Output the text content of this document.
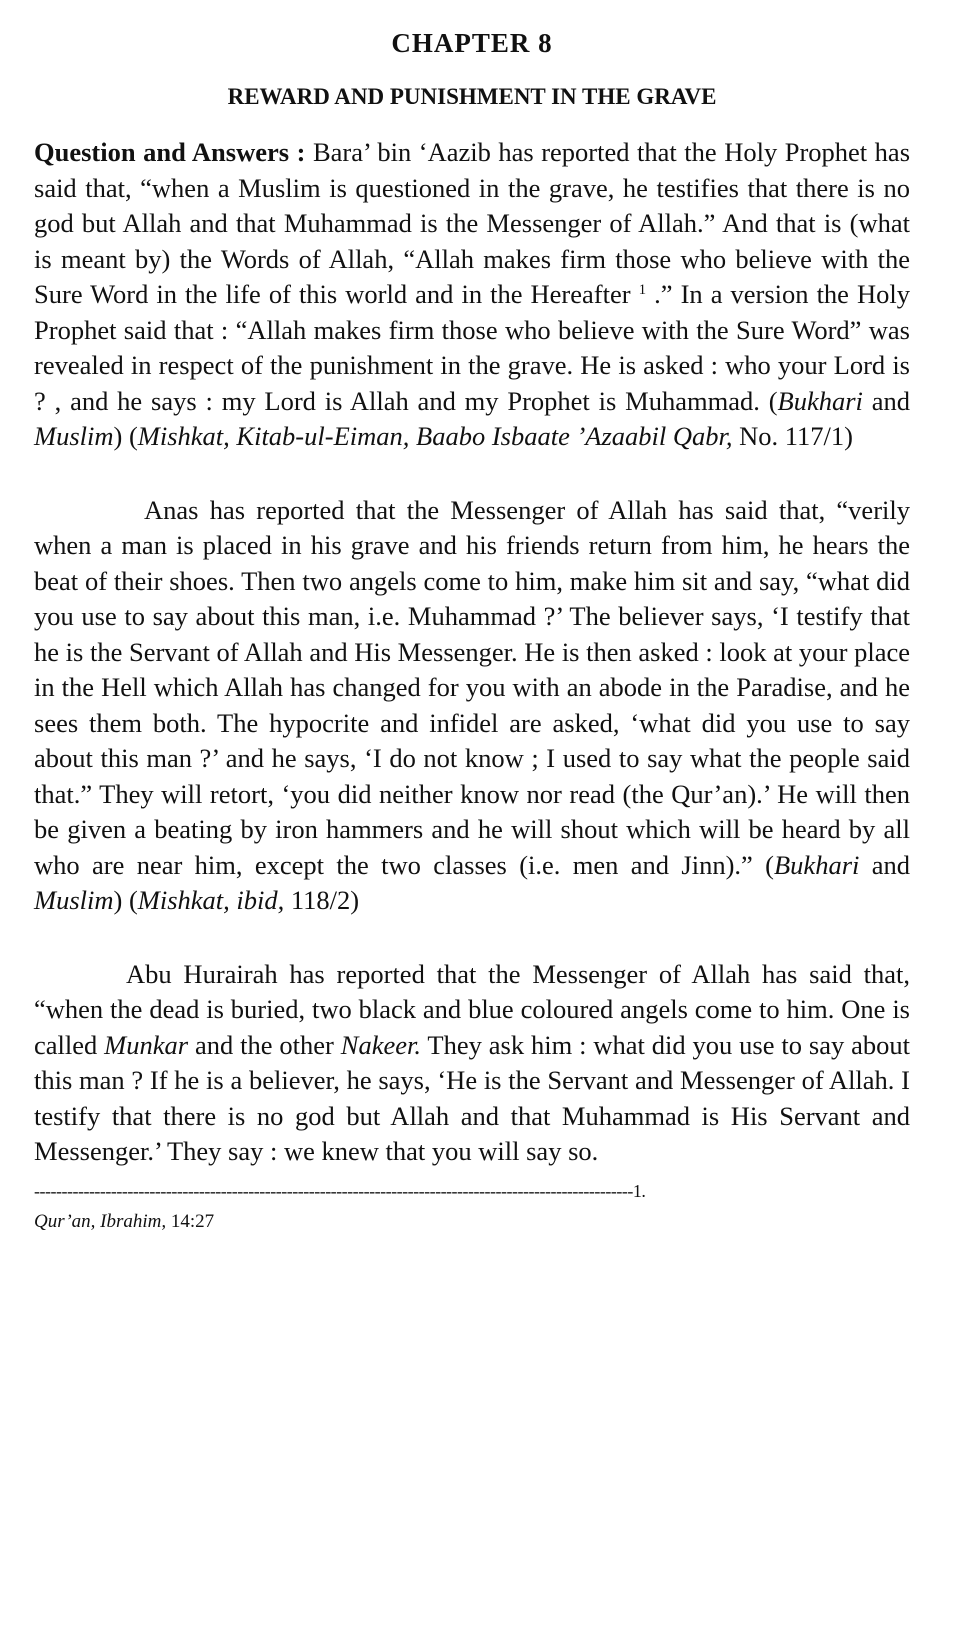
CHAPTER 8
REWARD AND PUNISHMENT IN THE GRAVE

Question and Answers : Bara’ bin ‘Aazib has reported that the Holy Prophet has said that, “when a Muslim is questioned in the grave, he testifies that there is no god but Allah and that Muhammad is the Messenger of Allah.” And that is (what is meant by) the Words of Allah, “Allah makes firm those who believe with the Sure Word in the life of this world and in the Hereafter $^1$ .” In a version the Holy Prophet said that : “Allah makes firm those who believe with the Sure Word” was revealed in respect of the punishment in the grave. He is asked : who your Lord is ? , and he says : my Lord is Allah and my Prophet is Muhammad. (Bukhari and Muslim) (Mishkat, Kitab-ul-Eiman, Baabo Isbaate ’Azaabil Qabr, No. 117/1)

Anas has reported that the Messenger of Allah has said that, “verily when a man is placed in his grave and his friends return from him, he hears the beat of their shoes. Then two angels come to him, make him sit and say, “what did you use to say about this man, i.e. Muhammad ?’ The believer says, ‘I testify that he is the Servant of Allah and His Messenger. He is then asked : look at your place in the Hell which Allah has changed for you with an abode in the Paradise, and he sees them both. The hypocrite and infidel are asked, ‘what did you use to say about this man ?’ and he says, ‘I do not know ; I used to say what the people said that.” They will retort, ‘you did neither know nor read (the Qur’an).’ He will then be given a beating by iron hammers and he will shout which will be heard by all who are near him, except the two classes (i.e. men and Jinn).” (Bukhari and Muslim) (Mishkat, ibid, 118/2)

Abu Hurairah has reported that the Messenger of Allah has said that, “when the dead is buried, two black and blue coloured angels come to him. One is called Munkar and the other Nakeer. They ask him : what did you use to say about this man ? If he is a believer, he says, ‘He is the Servant and Messenger of Allah. I testify that there is no god but Allah and that Muhammad is His Servant and Messenger.’ They say : we knew that you will say so.

-------------------------------------------------------------------------------------------------------------1.
Qur’an, Ibrahim, 14:27
